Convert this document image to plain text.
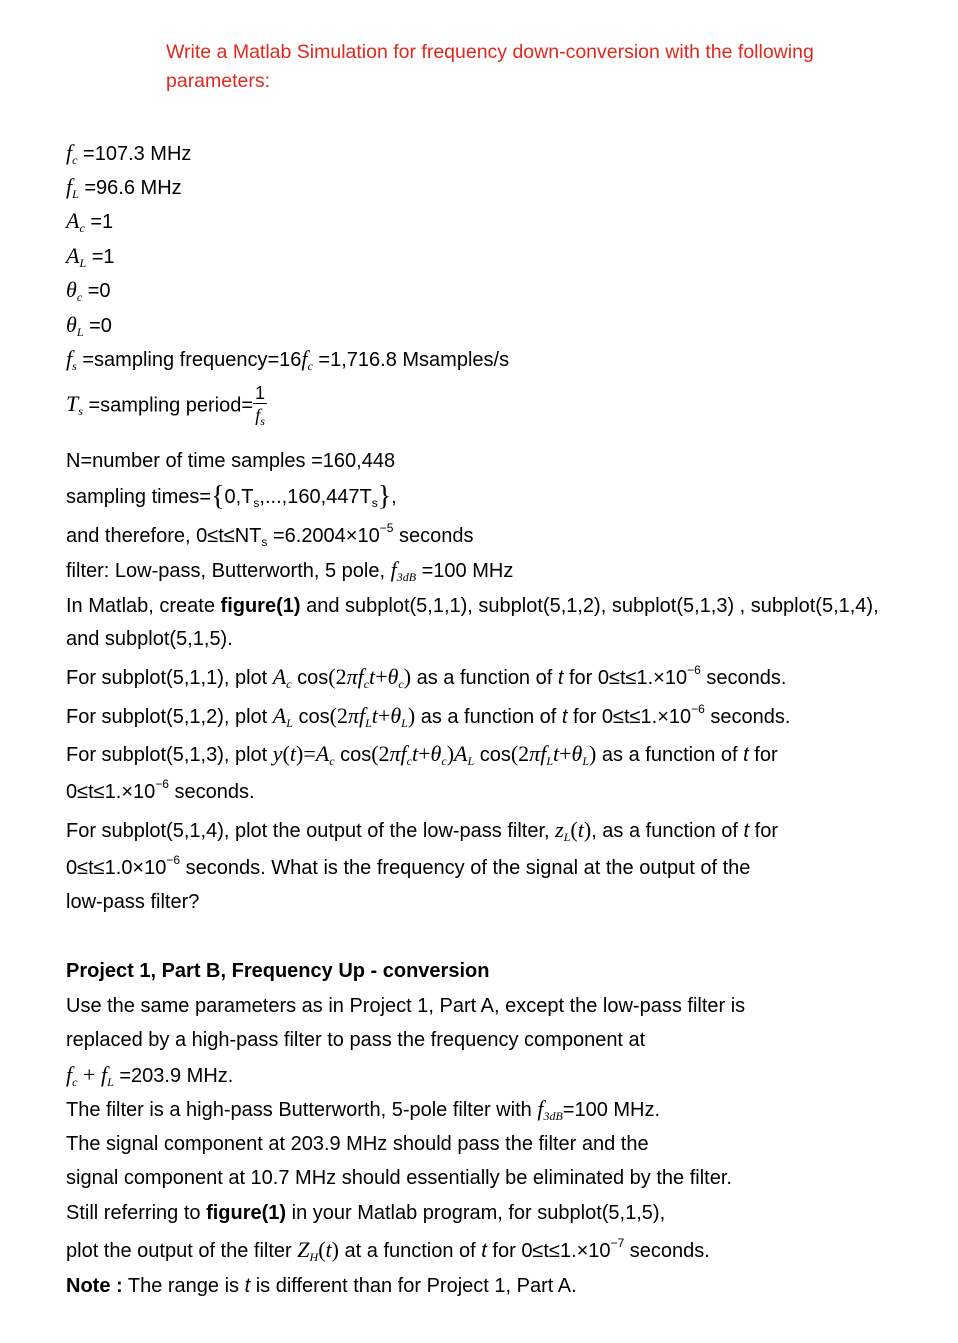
Write a Matlab Simulation for frequency down-conversion with the following parameters:
$f_c =107.3$ MHz
$f_L =96.6$ MHz
$A_c =1$
$A_L =1$
$\theta_c =0$
$\theta_L =0$
$f_s$ =sampling $frequency=16f_c =1,716.8$ Msamples/s
$T_s$ =sampling period= $\frac{1}{f_s}$
N=number of time samples =160,448
sampling $times=\{0,T_s,...,160,447T_s\}$,
and therefore, $0\le t\le NT_s =6.2004\times 10^{-5}$ seconds
filter: Low-pass, Butterworth, 5 pole, $f_{3dB} =100$ MHz
In Matlab, create figure(1) and subplot(5,1,1), subplot(5,1,2), subplot(5,1,3) , subplot(5,1,4),
and subplot(5,1,5).
For subplot(5,1,1), plot $A_c$ $\cos(2\pi f_ct+\theta_c)$ as a function of t for $0\le t\le 1.\times 10^{-6}$ seconds.
For subplot(5,1,2), plot $A_L$ $\cos(2\pi f_Lt+\theta_L)$ as a function of t for $0\le t\le 1.\times 10^{-6}$ seconds.
For subplot(5,1,3), plot $y(t)=A_c$ $\cos(2\pi f_ct+\theta_c)A_L$ $\cos(2\pi f_Lt+\theta_L)$ as a function of t for
$0\le t\le 1.\times 10^{-6}$ seconds.
For subplot(5,1,4), plot the output of the low-pass filter, $z_L(t)$, as a function of t for
$0\le t\le 1.0\times 10^{-6}$ seconds. What is the frequency of the signal at the output of the
low-pass filter?
Project 1, Part B, Frequency Up - conversion
Use the same parameters as in Project 1, Part A, except the low-pass filter is
replaced by a high-pass filter to pass the frequency component at
$f_c + f_L =203.9$ MHz.
The filter is a high-pass Butterworth, 5-pole filter with $f_{3dB}=100$ MHz.
The signal component at 203.9 MHz should pass the filter and the
signal component at 10.7 MHz should essentially be eliminated by the filter.
Still referring to figure(1) in your Matlab program, for subplot(5,1,5),
plot the output of the filter $Z_H(t)$ at a function of t for $0\le t\le 1.\times 10^{-7}$ seconds.
Note : The range is t is different than for Project 1, Part A.
